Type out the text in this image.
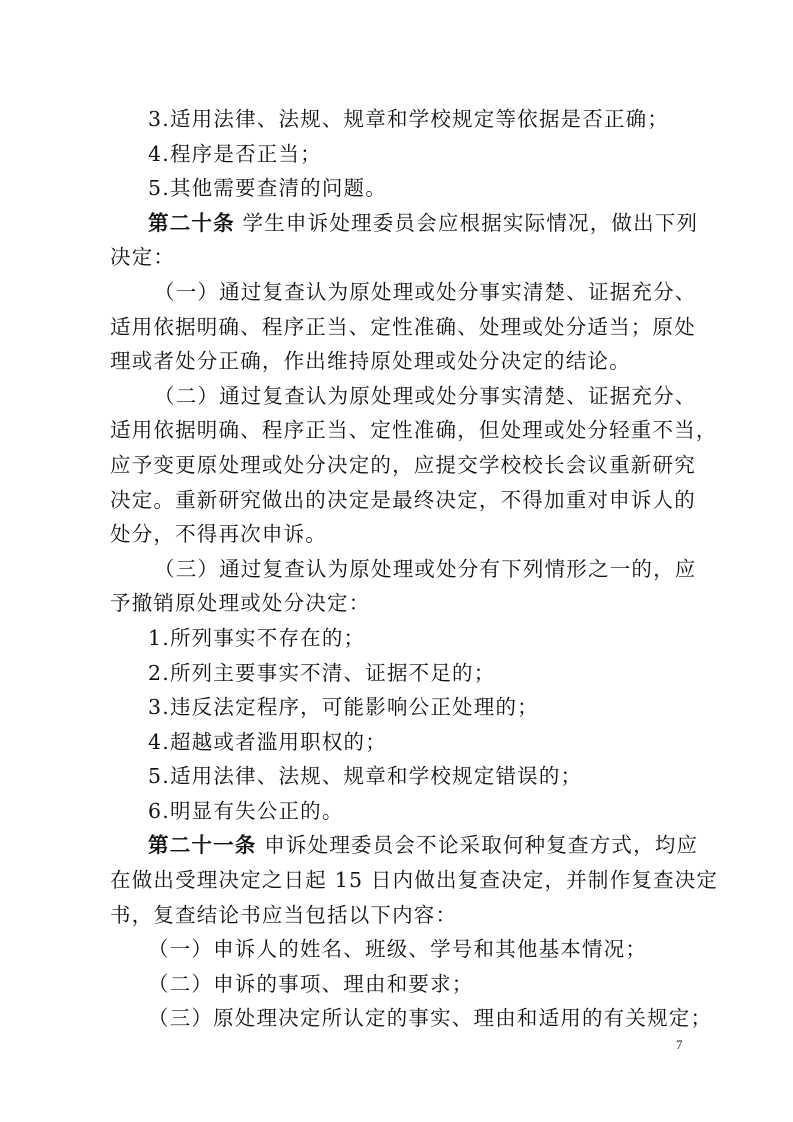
3.适用法律、法规、规章和学校规定等依据是否正确；
4.程序是否正当；
5.其他需要查清的问题。
第二十条 学生申诉处理委员会应根据实际情况，做出下列
决定：
（一）通过复查认为原处理或处分事实清楚、证据充分、
适用依据明确、程序正当、定性准确、处理或处分适当；原处
理或者处分正确，作出维持原处理或处分决定的结论。
（二）通过复查认为原处理或处分事实清楚、证据充分、
适用依据明确、程序正当、定性准确，但处理或处分轻重不当，
应予变更原处理或处分决定的，应提交学校校长会议重新研究
决定。重新研究做出的决定是最终决定，不得加重对申诉人的
处分，不得再次申诉。
（三）通过复查认为原处理或处分有下列情形之一的，应
予撤销原处理或处分决定：
1.所列事实不存在的；
2.所列主要事实不清、证据不足的；
3.违反法定程序，可能影响公正处理的；
4.超越或者滥用职权的；
5.适用法律、法规、规章和学校规定错误的；
6.明显有失公正的。
第二十一条 申诉处理委员会不论采取何种复查方式，均应
在做出受理决定之日起 15 日内做出复查决定，并制作复查决定
书，复查结论书应当包括以下内容：
（一）申诉人的姓名、班级、学号和其他基本情况；
（二）申诉的事项、理由和要求；
（三）原处理决定所认定的事实、理由和适用的有关规定；
7
